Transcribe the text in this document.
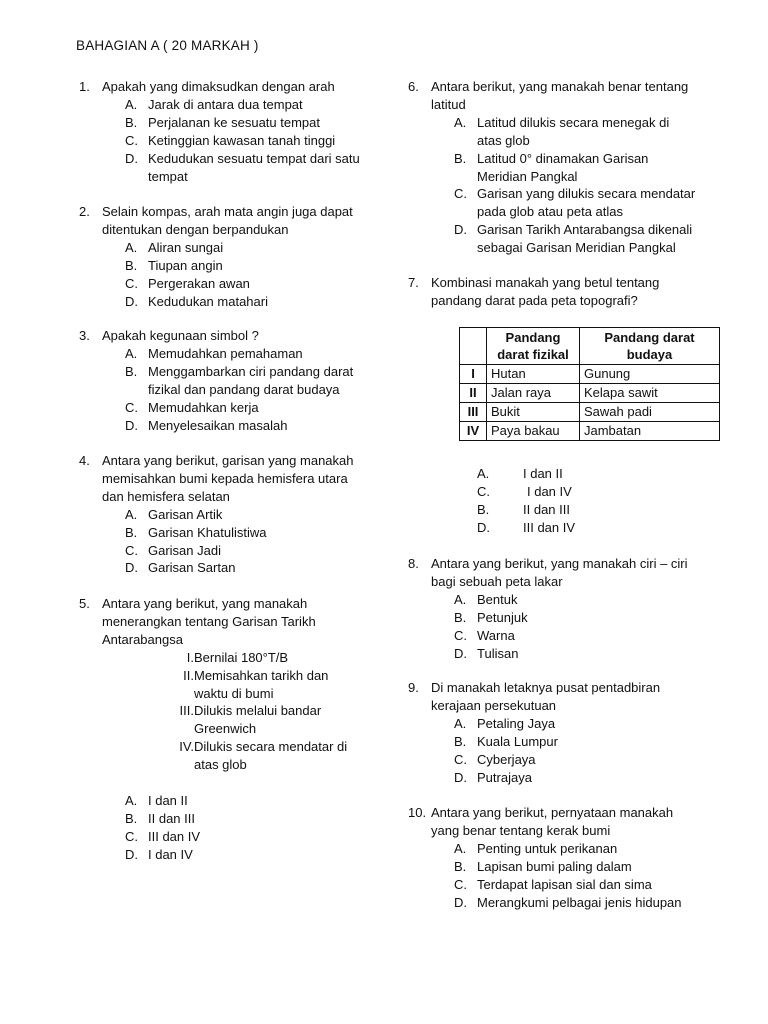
BAHAGIAN A ( 20 MARKAH )
1. Apakah yang dimaksudkan dengan arah
A. Jarak di antara dua tempat
B. Perjalanan ke sesuatu tempat
C. Ketinggian kawasan tanah tinggi
D. Kedudukan sesuatu tempat dari satu
tempat
2. Selain kompas, arah mata angin juga dapat
ditentukan dengan berpandukan
A. Aliran sungai
B. Tiupan angin
C. Pergerakan awan
D. Kedudukan matahari
3. Apakah kegunaan simbol ?
A. Memudahkan pemahaman
B. Menggambarkan ciri pandang darat
fizikal dan pandang darat budaya
C. Memudahkan kerja
D. Menyelesaikan masalah
4. Antara yang berikut, garisan yang manakah
memisahkan bumi kepada hemisfera utara
dan hemisfera selatan
A. Garisan Artik
B. Garisan Khatulistiwa
C. Garisan Jadi
D. Garisan Sartan
5. Antara yang berikut, yang manakah
menerangkan tentang Garisan Tarikh
Antarabangsa
I. Bernilai 180°T/B
II. Memisahkan tarikh dan
waktu di bumi
III. Dilukis melalui bandar
Greenwich
IV. Dilukis secara mendatar di
atas glob
A. I dan II
B. II dan III
C. III dan IV
D. I dan IV
6. Antara berikut, yang manakah benar tentang
latitud
A. Latitud dilukis secara menegak di
atas glob
B. Latitud 0° dinamakan Garisan
Meridian Pangkal
C. Garisan yang dilukis secara mendatar
pada glob atau peta atlas
D. Garisan Tarikh Antarabangsa dikenali
sebagai Garisan Meridian Pangkal
7. Kombinasi manakah yang betul tentang
pandang darat pada peta topografi?
	Pandang darat fizikal	Pandang darat budaya
I	Hutan	Gunung
II	Jalan raya	Kelapa sawit
III	Bukit	Sawah padi
IV	Paya bakau	Jambatan
A.	I dan II
C.	I dan IV
B.	II dan III
D.	III dan IV
8. Antara yang berikut, yang manakah ciri – ciri
bagi sebuah peta lakar
A. Bentuk
B. Petunjuk
C. Warna
D. Tulisan
9. Di manakah letaknya pusat pentadbiran
kerajaan persekutuan
A. Petaling Jaya
B. Kuala Lumpur
C. Cyberjaya
D. Putrajaya
10. Antara yang berikut, pernyataan manakah
yang benar tentang kerak bumi
A. Penting untuk perikanan
B. Lapisan bumi paling dalam
C. Terdapat lapisan sial dan sima
D. Merangkumi pelbagai jenis hidupan
